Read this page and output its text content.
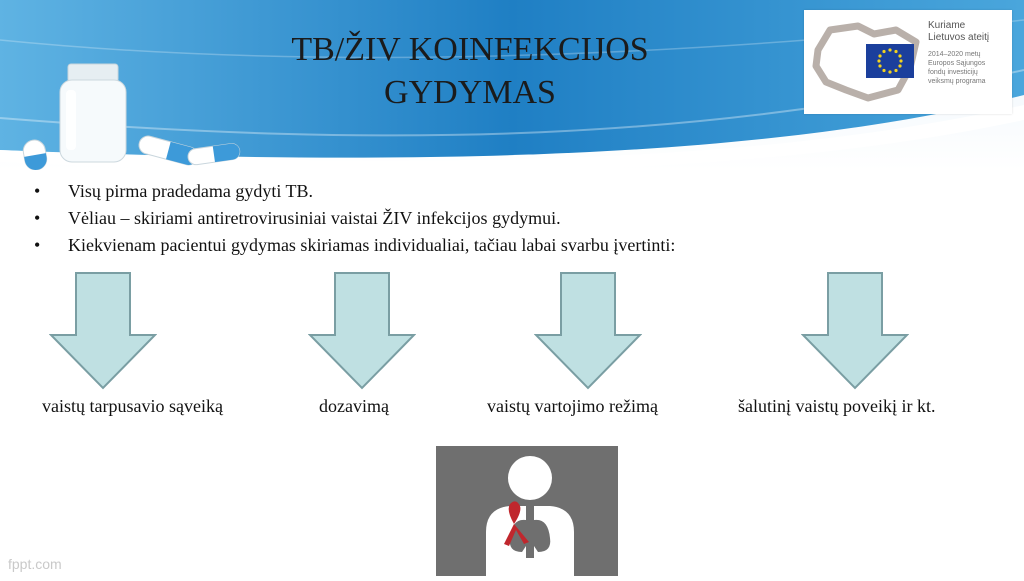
TB/ŽIV KOINFEKCIJOS
GYDYMAS
Kuriame
Lietuvos ateitį
2014–2020 metų
Europos Sąjungos
fondų investicijų
veiksmų programa
• Visų pirma pradedama gydyti TB.
• Vėliau – skiriami antiretrovirusiniai vaistai ŽIV infekcijos gydymui.
• Kiekvienam pacientui gydymas skiriamas individualiai, tačiau labai svarbu įvertinti:
vaistų tarpusavio sąveiką	dozavimą	vaistų vartojimo režimą	šalutinį vaistų poveikį ir kt.
fppt.com
